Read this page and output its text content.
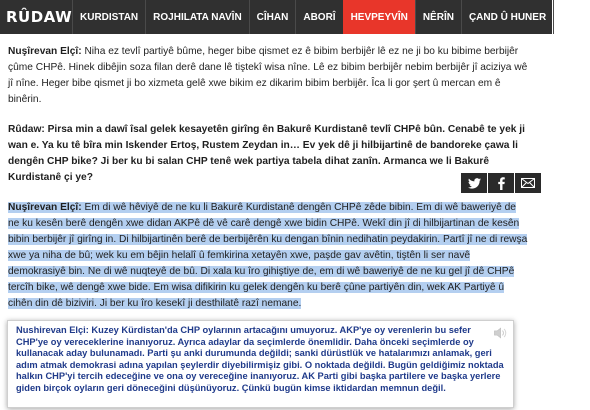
RÛDAW KURDISTAN	ROJHILATA NAVÎN	CÎHAN	ABORÎ	HEVPEYVÎN	NÊRÎN	ÇAND Û HUNER	STÎL

Nuşîrevan Elçî: Niha ez tevlî partiyê bûme, heger bibe qismet ez ê bibim berbijêr lê ez ne ji bo ku bibime berbijêr çûme CHPê. Hinek dibêjin soza filan derê dane lê tiştekî wisa nîne. Lê ez bibim berbijêr nebim berbijêr jî aciziya wê jî nîne. Heger bibe qismet ji bo xizmeta gelê xwe bikim ez dikarim bibim berbijêr. Îca li gor şert û mercan em ê binêrin.

Rûdaw: Pirsa min a dawî îsal gelek kesayetên girîng ên Bakurê Kurdistanê tevlî CHPê bûn. Cenabê te yek ji wan e. Ya ku tê bîra min Iskender Ertoş, Rustem Zeydan in… Ev yek dê ji hilbijartinê de bandoreke çawa li dengên CHP bike? Ji ber ku bi salan CHP tenê wek partiya tabela dihat zanîn. Armanca we li Bakurê Kurdistanê çi ye?

Nuşîrevan Elçî: Em di wê hêviyê de ne ku li Bakurê Kurdistanê dengên CHPê zêde bibin. Em di wê baweriyê de ne ku kesên berê dengên xwe didan AKPê dê vê carê dengê xwe bidin CHPê. Wekî din jî di hilbijartinan de kesên bibin berbijêr jî girîng in. Di hilbijartinên berê de berbijêrên ku dengan bînin nedihatin peydakirin. Partî jî ne di rewşa xwe ya niha de bû; wek ku em bêjin helalî û femkirina xetayên xwe, paşde gav avêtin, tiştên li ser navê demokrasiyê bin. Ne di wê nuqteyê de bû. Di xala ku îro gihiştiye de, em di wê baweriyê de ne ku gel jî dê CHPê tercîh bike, wê dengê xwe bide. Em wisa difikirin ku gelek dengên ku berê çûne partiyên din, wek AK Partiyê û cihên din dê biziviri. Ji ber ku îro kesekî ji desthilatê razî nemane.

Nushirevan Elçi: Kuzey Kürdistan'da CHP oylarının artacağını umuyoruz. AKP'ye oy verenlerin bu sefer CHP'ye oy vereceklerine inanıyoruz. Ayrıca adaylar da seçimlerde önemlidir. Daha önceki seçimlerde oy kullanacak aday bulunamadı. Parti şu anki durumunda değildi; sanki dürüstlük ve hatalarımızı anlamak, geri adım atmak demokrasi adına yapılan şeylerdir diyebilirmişiz gibi. O noktada değildi. Bugün geldiğimiz noktada halkın CHP'yi tercih edeceğine ve ona oy vereceğine inanıyoruz. AK Parti gibi başka partilere ve başka yerlere giden birçok oyların geri döneceğini düşünüyoruz. Çünkü bugün kimse iktidardan memnun değil.
